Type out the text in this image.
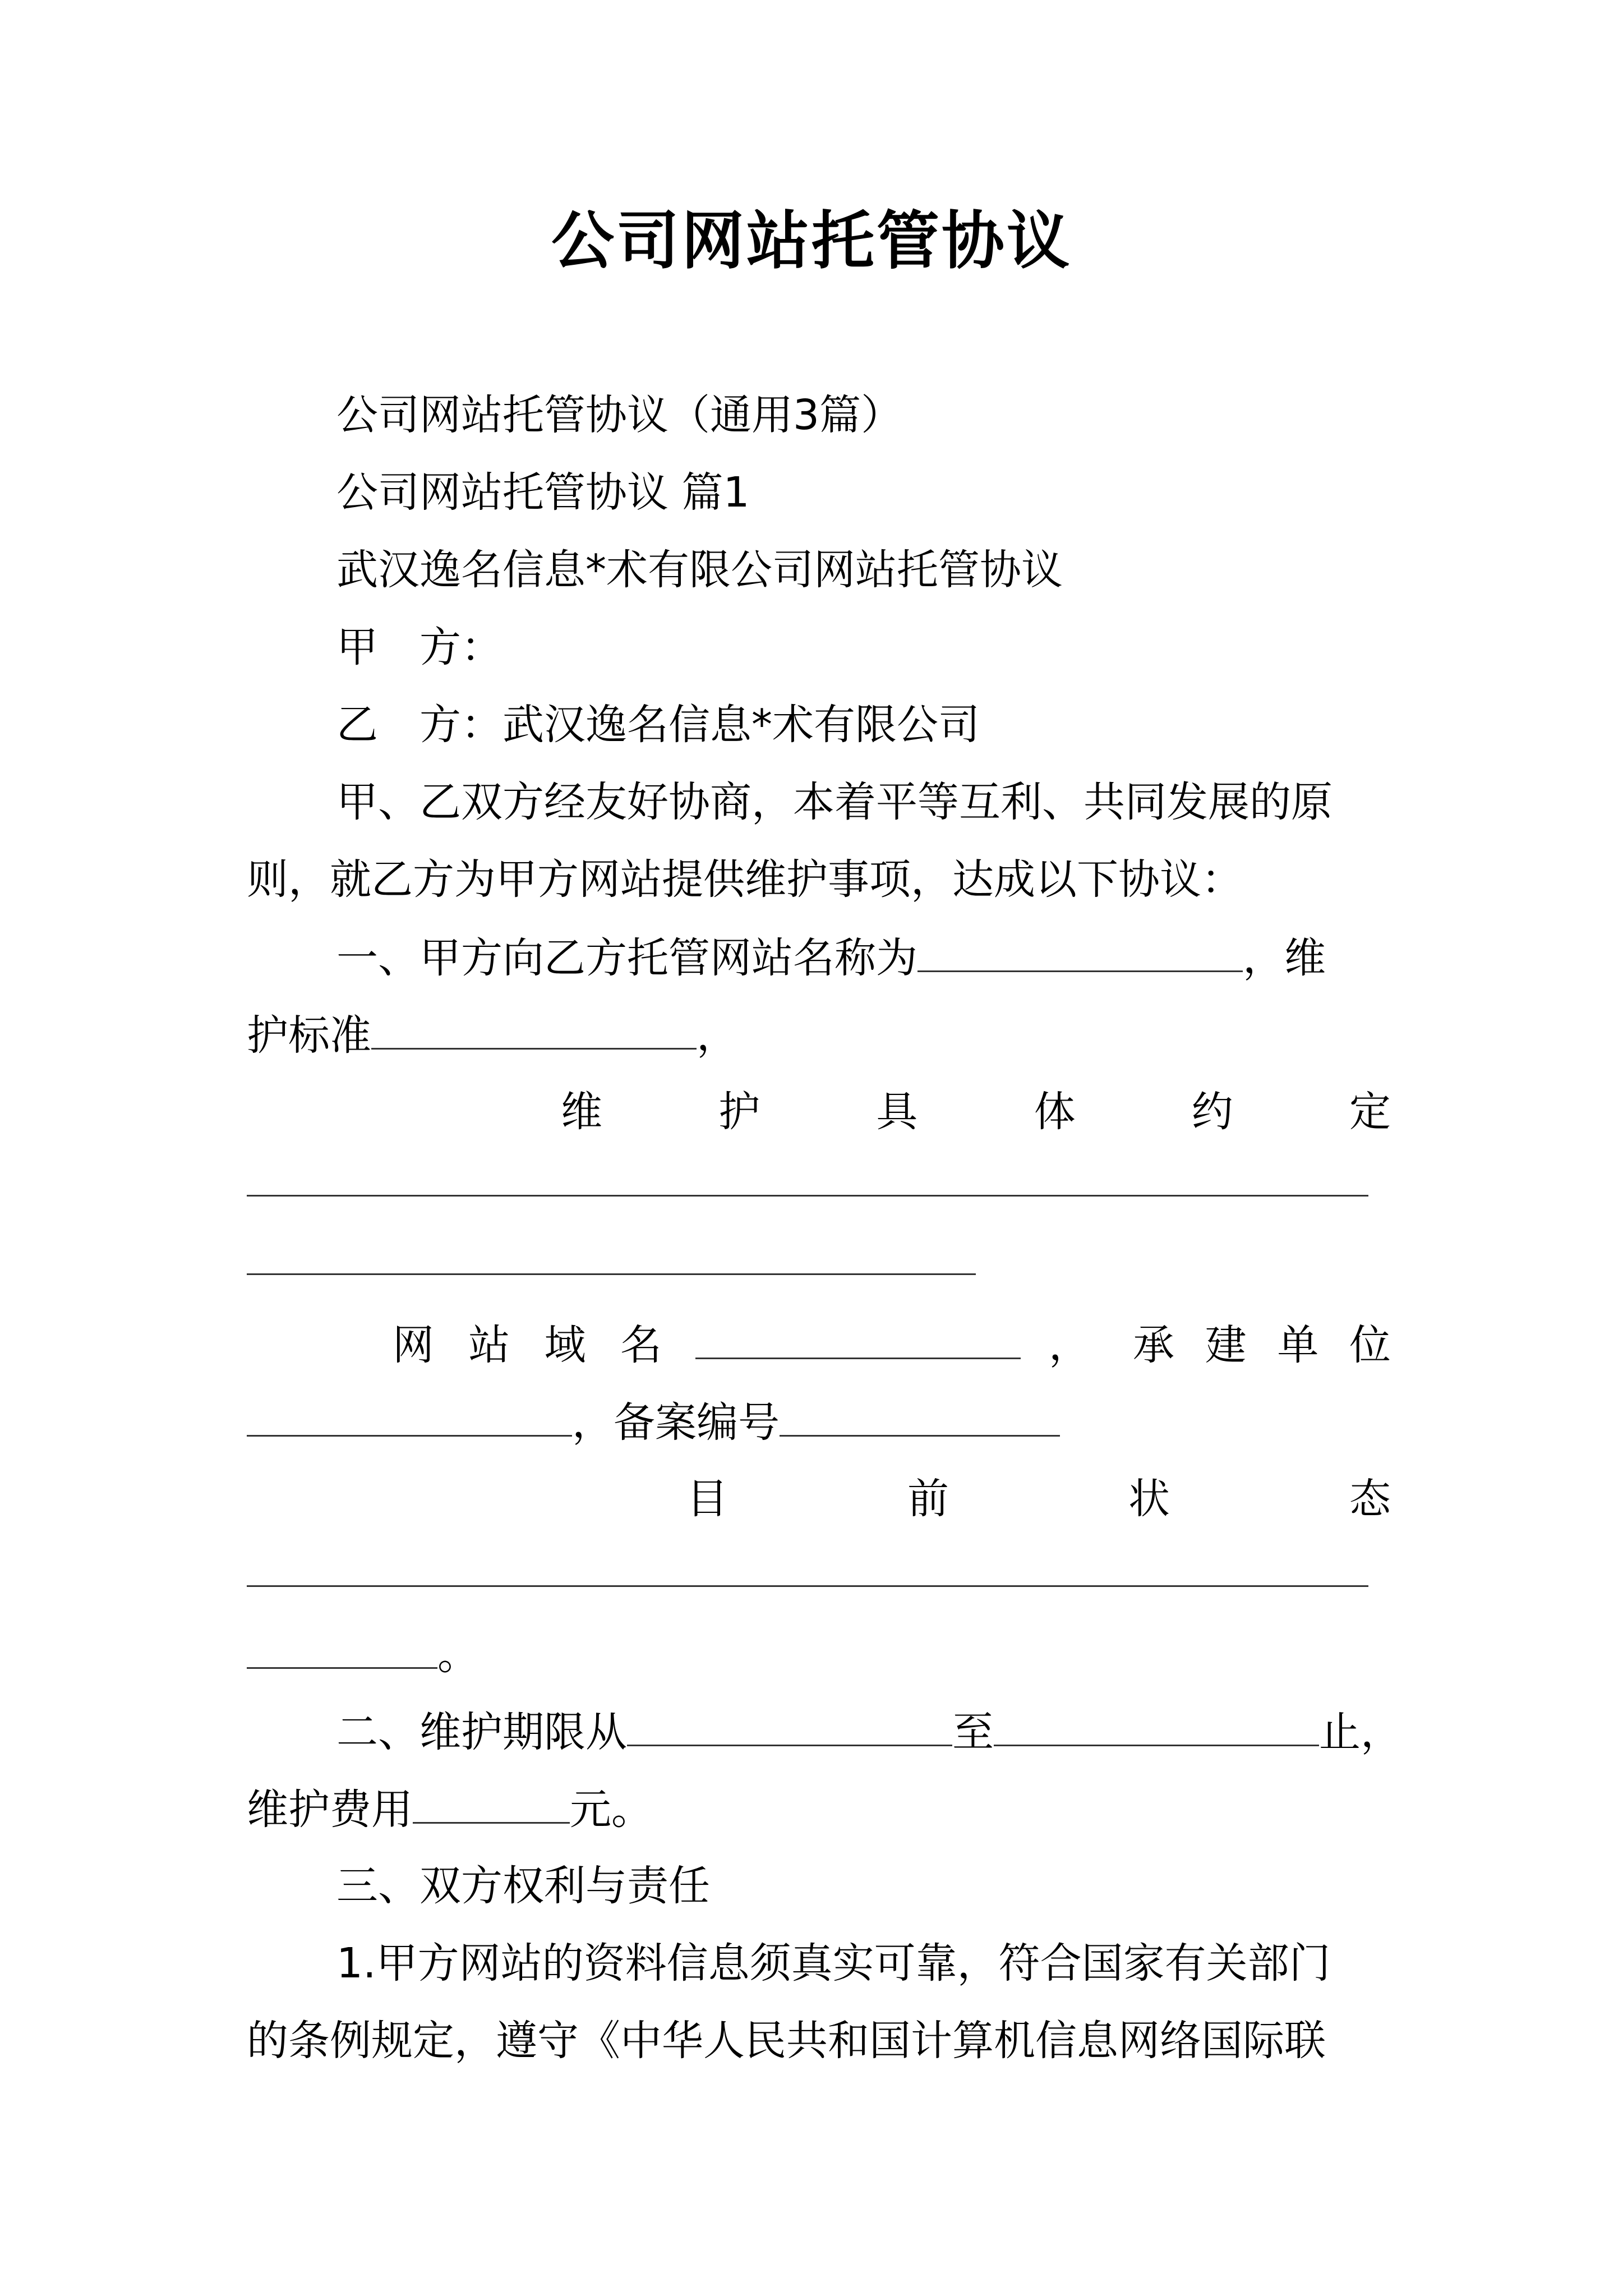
公司网站托管协议
公司网站托管协议（通用3篇）
公司网站托管协议 篇1
武汉逸名信息*术有限公司网站托管协议
甲　方：
乙　方：武汉逸名信息*术有限公司
甲、乙双方经友好协商，本着平等互利、共同发展的原
则，就乙方为甲方网站提供维护事项，达成以下协议：
一、甲方向乙方托管网站名称为	，维
护标准	，
维	护	具	体	约	定
网 站 域 名	， 承 建 单 位
，备案编号
目	前	状	态
。
二、维护期限从	至	止，
维护费用	元。
三、双方权利与责任
1.甲方网站的资料信息须真实可靠，符合国家有关部门
的条例规定，遵守《中华人民共和国计算机信息网络国际联
